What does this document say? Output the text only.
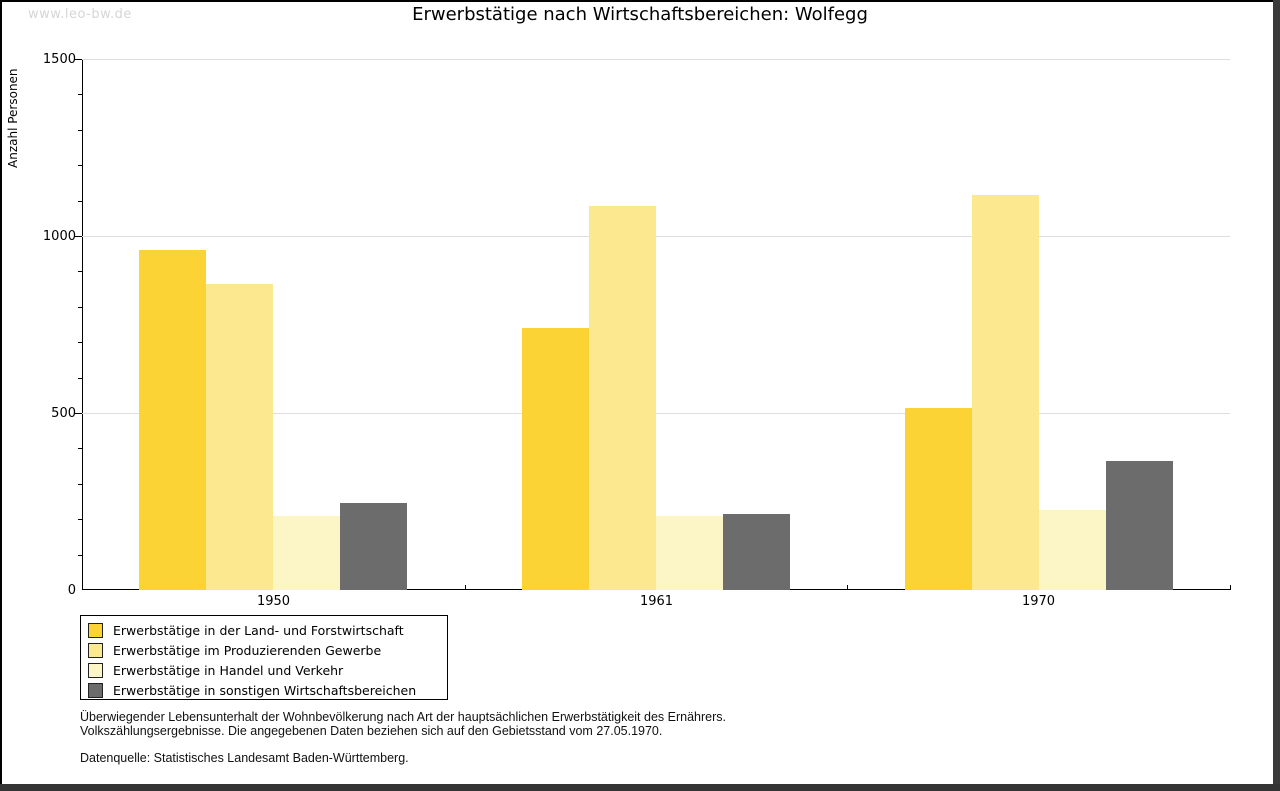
www.leo-bw.de	Erwerbstätige nach Wirtschaftsbereichen: Wolfegg
Anzahl Personen
0
500
1000
1500
1950	1961	1970
Erwerbstätige in der Land- und Forstwirtschaft
Erwerbstätige im Produzierenden Gewerbe
Erwerbstätige in Handel und Verkehr
Erwerbstätige in sonstigen Wirtschaftsbereichen
Überwiegender Lebensunterhalt der Wohnbevölkerung nach Art der hauptsächlichen Erwerbstätigkeit des Ernährers.
Volkszählungsergebnisse. Die angegebenen Daten beziehen sich auf den Gebietsstand vom 27.05.1970.
Datenquelle: Statistisches Landesamt Baden-Württemberg.
